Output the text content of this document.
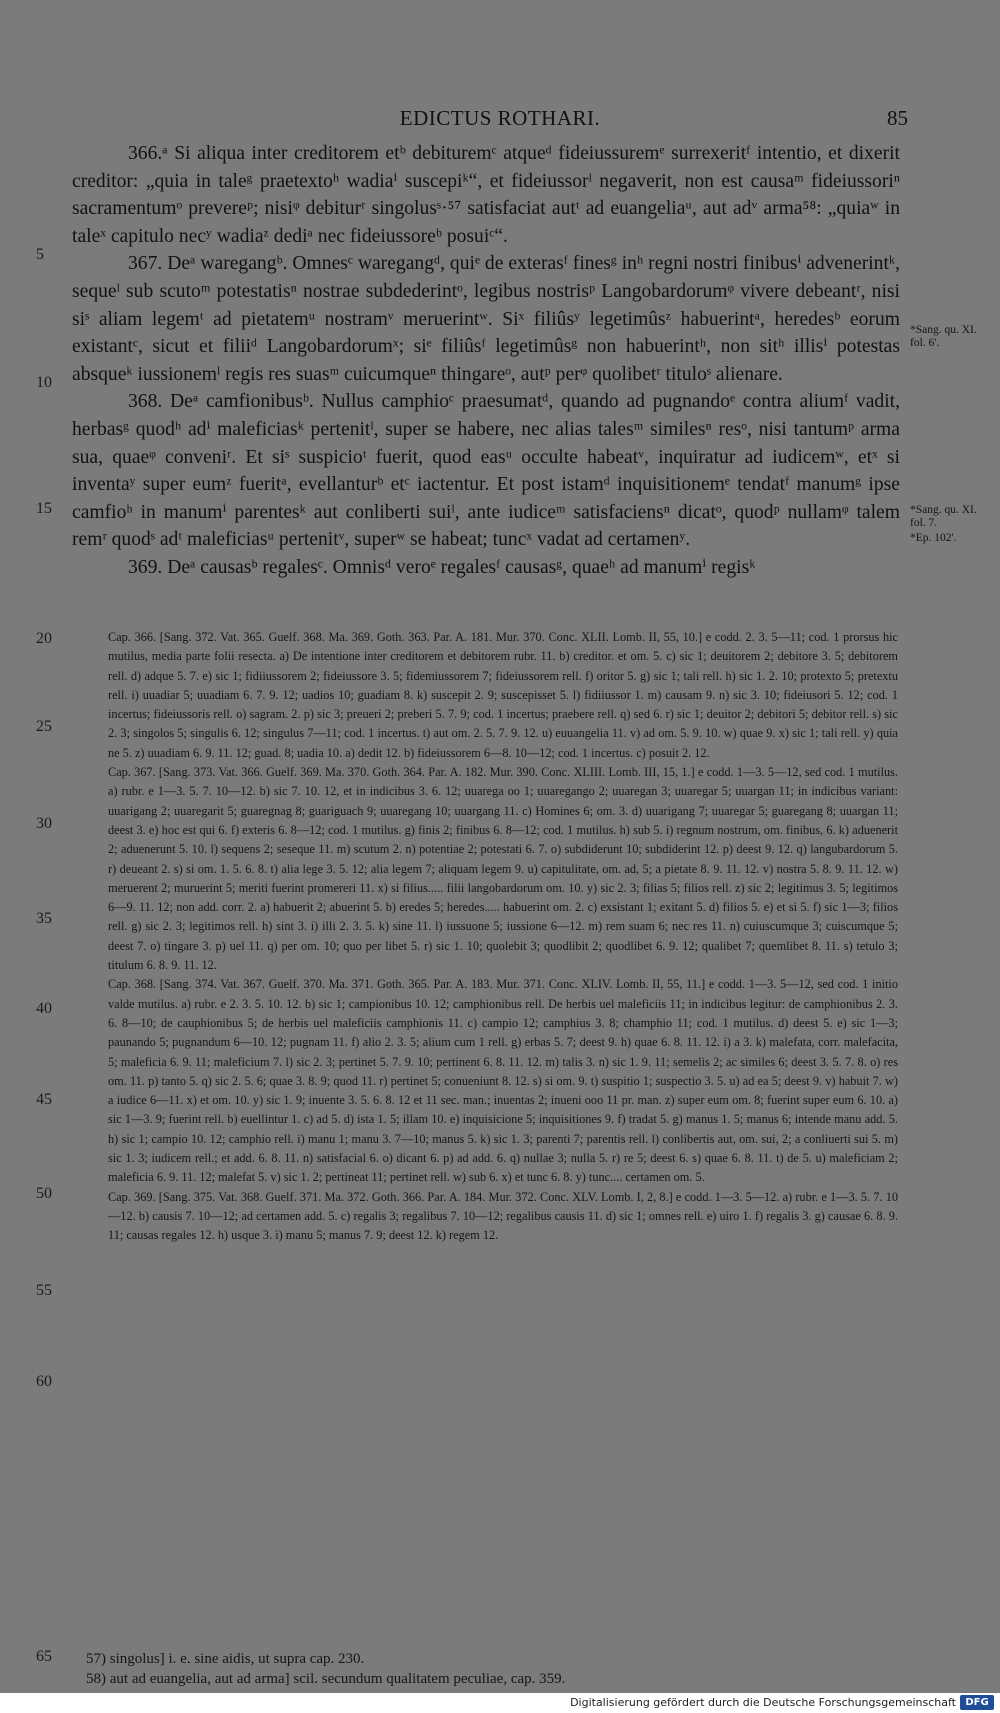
EDICTUS ROTHARI.	85

366.ᵃ Si aliqua inter creditorem etᵇ debituremᶜ atqueᵈ fideiussuremᵉ surrexeritᶠ intentio, et dixerit creditor: „quia in taleᵍ praetextoʰ wadiaⁱ suscepiᵏ“, et fideiussorˡ negaverit, non est causaᵐ fideiussoriⁿ sacramentumᵒ prevereᵖ; nisiᵠ debiturʳ singolusˢ·⁵⁷ satisfaciat autᵗ ad euangeliaᵘ, aut adᵛ arma⁵⁸: „quiaʷ in taleˣ capitulo necʸ wadiaᶻ dediᵃ nec fideiussoreᵇ posuiᶜ“.

367. Deᵃ waregangᵇ. Omnesᶜ waregangᵈ, quiᵉ de exterasᶠ finesᵍ inʰ regni nostri finibusⁱ advenerintᵏ, sequeˡ sub scutoᵐ potestatisⁿ nostrae subdederintᵒ, legibus nostrisᵖ Langobardorumᵠ vivere debeantʳ, nisi siˢ aliam legemᵗ ad pietatemᵘ nostramᵛ meruerintʷ. Siˣ filiûsʸ legetimûsᶻ habuerintᵃ, heredesᵇ eorum existantᶜ, sicut et filiiᵈ Langobardorumˣ; siᵉ filiûsᶠ legetimûsᵍ non habuerintʰ, non sitʰ illisⁱ potestas absqueᵏ iussionemˡ regis res suasᵐ cuicumqueⁿ thingareᵒ, autᵖ perᵠ quolibetʳ tituloˢ alienare.

368. Deᵃ camfionibusᵇ. Nullus camphioᶜ praesumatᵈ, quando ad pugnandoᵉ contra aliumᶠ vadit, herbasᵍ quodʰ adⁱ maleficiasᵏ pertenitˡ, super se habere, nec alias talesᵐ similesⁿ resᵒ, nisi tantumᵖ arma sua, quaeᵠ conveniʳ. Et siˢ suspicioᵗ fuerit, quod easᵘ occulte habeatᵛ, inquiratur ad iudicemʷ, etˣ si inventaʸ super eumᶻ fueritᵃ, evellanturᵇ etᶜ iactentur. Et post istamᵈ inquisitionemᵉ tendatᶠ manumᵍ ipse camfioʰ in manumⁱ parentesᵏ aut conliberti suiˡ, ante iudiceᵐ satisfaciensⁿ dicatᵒ, quodᵖ nullamᵠ talem remʳ quodˢ adᵗ maleficiasᵘ pertenitᵛ, superʷ se habeat; tuncˣ vadat ad certamenʸ.

369. Deᵃ causasᵇ regalesᶜ. Omnisᵈ veroᵉ regalesᶠ causasᵍ, quaeʰ ad manumⁱ regisᵏ

*Sang. qu. XI. fol. 6'.
*Sang. qu. XI. fol. 7.
*Ep. 102'.
5
10
15
20
25
30
35
40
45
50
55
60
65

Cap. 366. [Sang. 372. Vat. 365. Guelf. 368. Ma. 369. Goth. 363. Par. A. 181. Mur. 370. Conc. XLII. Lomb. II, 55, 10.] e codd. 2. 3. 5—11; cod. 1 prorsus hic mutilus, media parte folii resecta. a) De intentione inter creditorem et debitorem rubr. 11. b) creditor. et om. 5. c) sic 1; deuitorem 2; debitore 3. 5; debitorem rell. d) adque 5. 7. e) sic 1; fidiiussorem 2; fideiussore 3. 5; fidemiussorem 7; fideiussorem rell. f) oritor 5. g) sic 1; tali rell. h) sic 1. 2. 10; protexto 5; pretextu rell. i) uuadiar 5; uuadiam 6. 7. 9. 12; uadios 10; guadiam 8. k) suscepit 2. 9; suscepisset 5. l) fidiiussor 1. m) causam 9. n) sic 3. 10; fideiusori 5. 12; cod. 1 incertus; fideiussoris rell. o) sagram. 2. p) sic 3; preueri 2; preberi 5. 7. 9; cod. 1 incertus; praebere rell. q) sed 6. r) sic 1; deuitor 2; debitori 5; debitor rell. s) sic 2. 3; singolos 5; singulis 6. 12; singulus 7—11; cod. 1 incertus. t) aut om. 2. 5. 7. 9. 12. u) euuangelia 11. v) ad om. 5. 9. 10. w) quae 9. x) sic 1; tali rell. y) quia ne 5. z) uuadiam 6. 9. 11. 12; guad. 8; uadia 10. a) dedit 12. b) fideiussorem 6—8. 10—12; cod. 1 incertus. c) posuit 2. 12.

Cap. 367. [Sang. 373. Vat. 366. Guelf. 369. Ma. 370. Goth. 364. Par. A. 182. Mur. 390. Conc. XLIII. Lomb. III, 15, 1.] e codd. 1—3. 5—12, sed cod. 1 mutilus. a) rubr. e 1—3. 5. 7. 10—12. b) sic 7. 10. 12, et in indicibus 3. 6. 12; uuarega oo 1; uuaregango 2; uuaregan 3; uuaregar 5; uuargan 11; in indicibus variant: uuarigang 2; uuaregarit 5; guaregnag 8; guariguach 9; uuaregang 10; uuargang 11. c) Homines 6; om. 3. d) uuarigang 7; uuaregar 5; guaregang 8; uuargan 11; deest 3. e) hoc est qui 6. f) exteris 6. 8—12; cod. 1 mutilus. g) finis 2; finibus 6. 8—12; cod. 1 mutilus. h) sub 5. i) regnum nostrum, om. finibus, 6. k) aduenerit 2; aduenerunt 5. 10. l) sequens 2; seseque 11. m) scutum 2. n) potentiae 2; potestati 6. 7. o) subdiderunt 10; subdiderint 12. p) deest 9. 12. q) langubardorum 5. r) deueant 2. s) si om. 1. 5. 6. 8. t) alia lege 3. 5. 12; alia legem 7; aliquam legem 9. u) capitulitate, om. ad, 5; a pietate 8. 9. 11. 12. v) nostra 5. 8. 9. 11. 12. w) meruerent 2; muruerint 5; meriti fuerint promereri 11. x) si filius..... filii langobardorum om. 10. y) sic 2. 3; filias 5; filios rell. z) sic 2; legitimus 3. 5; legitimos 6—9. 11. 12; non add. corr. 2. a) habuerit 2; abuerint 5. b) eredes 5; heredes..... habuerint om. 2. c) exsistant 1; exitant 5. d) filios 5. e) et si 5. f) sic 1—3; filios rell. g) sic 2. 3; legitimos rell. h) sint 3. i) illi 2. 3. 5. k) sine 11. l) iussuone 5; iussione 6—12. m) rem suam 6; nec res 11. n) cuiuscumque 3; cuiscumque 5; deest 7. o) tingare 3. p) uel 11. q) per om. 10; quo per libet 5. r) sic 1. 10; quolebit 3; quodlibit 2; quodlibet 6. 9. 12; qualibet 7; quemlibet 8. 11. s) tetulo 3; titulum 6. 8. 9. 11. 12.

Cap. 368. [Sang. 374. Vat. 367. Guelf. 370. Ma. 371. Goth. 365. Par. A. 183. Mur. 371. Conc. XLIV. Lomb. II, 55, 11.] e codd. 1—3. 5—12, sed cod. 1 initio valde mutilus. a) rubr. e 2. 3. 5. 10. 12. b) sic 1; campionibus 10. 12; camphionibus rell. De herbis uel maleficiis 11; in indicibus legitur: de camphionibus 2. 3. 6. 8—10; de cauphionibus 5; de herbis uel maleficiis camphionis 11. c) campio 12; camphius 3. 8; champhio 11; cod. 1 mutilus. d) deest 5. e) sic 1—3; paunando 5; pugnandum 6—10. 12; pugnam 11. f) alio 2. 3. 5; alium cum 1 rell. g) erbas 5. 7; deest 9. h) quae 6. 8. 11. 12. i) a 3. k) malefata, corr. malefacita, 5; maleficia 6. 9. 11; maleficium 7. l) sic 2. 3; pertinet 5. 7. 9. 10; pertinent 6. 8. 11. 12. m) talis 3. n) sic 1. 9. 11; semelis 2; ac similes 6; deest 3. 5. 7. 8. o) res om. 11. p) tanto 5. q) sic 2. 5. 6; quae 3. 8. 9; quod 11. r) pertinet 5; conueniunt 8. 12. s) si om. 9. t) suspitio 1; suspectio 3. 5. u) ad ea 5; deest 9. v) habuit 7. w) a iudice 6—11. x) et om. 10. y) sic 1. 9; inuente 3. 5. 6. 8. 12 et 11 sec. man.; inuentas 2; inueni ooo 11 pr. man. z) super eum om. 8; fuerint super eum 6. 10. a) sic 1—3. 9; fuerint rell. b) euellintur 1. c) ad 5. d) ista 1. 5; illam 10. e) inquisicione 5; inquisitiones 9. f) tradat 5. g) manus 1. 5; manus 6; intende manu add. 5. h) sic 1; campio 10. 12; camphio rell. i) manu 1; manu 3. 7—10; manus 5. k) sic 1. 3; parenti 7; parentis rell. l) conlibertis aut, om. sui, 2; a conliuerti sui 5. m) sic 1. 3; iudicem rell.; et add. 6. 8. 11. n) satisfacial 6. o) dicant 6. p) ad add. 6. q) nullae 3; nulla 5. r) re 5; deest 6. s) quae 6. 8. 11. t) de 5. u) maleficiam 2; maleficia 6. 9. 11. 12; malefat 5. v) sic 1. 2; pertineat 11; pertinet rell. w) sub 6. x) et tunc 6. 8. y) tunc.... certamen om. 5.

Cap. 369. [Sang. 375. Vat. 368. Guelf. 371. Ma. 372. Goth. 366. Par. A. 184. Mur. 372. Conc. XLV. Lomb. I, 2, 8.] e codd. 1—3. 5—12. a) rubr. e 1—3. 5. 7. 10—12. b) causis 7. 10—12; ad certamen add. 5. c) regalis 3; regalibus 7. 10—12; regalibus causis 11. d) sic 1; omnes rell. e) uiro 1. f) regalis 3. g) causae 6. 8. 9. 11; causas regales 12. h) usque 3. i) manu 5; manus 7. 9; deest 12. k) regem 12.

57) singolus] i. e. sine aidis, ut supra cap. 230.

58) aut ad euangelia, aut ad arma] scil. secundum qualitatem peculiae, cap. 359.

Digitalisierung gefördert durch die Deutsche Forschungsgemeinschaft DFG
